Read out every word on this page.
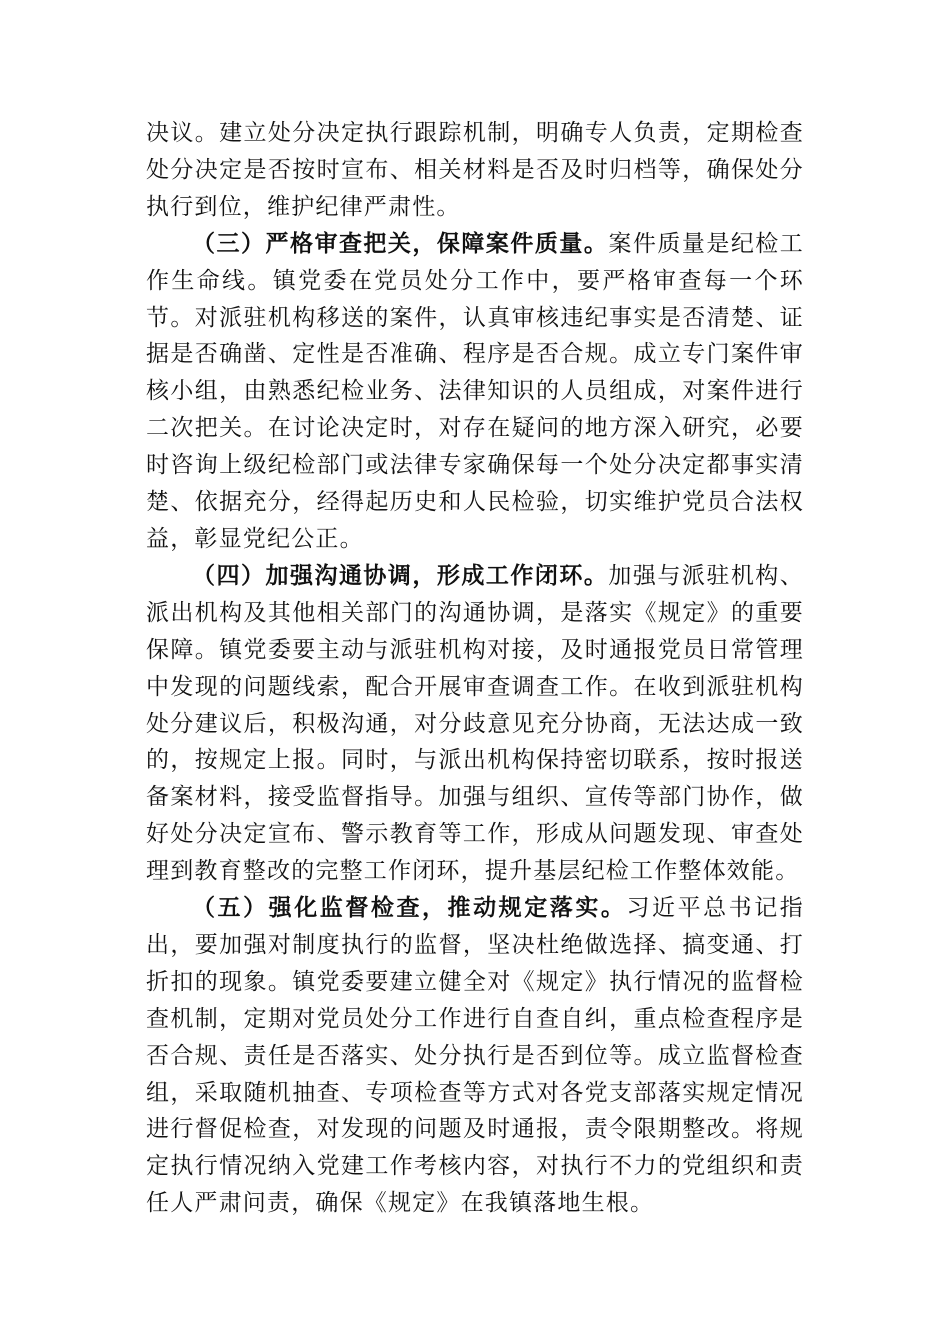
决议。建立处分决定执行跟踪机制，明确专人负责，定期检查处分决定是否按时宣布、相关材料是否及时归档等，确保处分执行到位，维护纪律严肃性。

（三）严格审查把关，保障案件质量。案件质量是纪检工作生命线。镇党委在党员处分工作中，要严格审查每一个环节。对派驻机构移送的案件，认真审核违纪事实是否清楚、证据是否确凿、定性是否准确、程序是否合规。成立专门案件审核小组，由熟悉纪检业务、法律知识的人员组成，对案件进行二次把关。在讨论决定时，对存在疑问的地方深入研究，必要时咨询上级纪检部门或法律专家确保每一个处分决定都事实清楚、依据充分，经得起历史和人民检验，切实维护党员合法权益，彰显党纪公正。

（四）加强沟通协调，形成工作闭环。加强与派驻机构、派出机构及其他相关部门的沟通协调，是落实《规定》的重要保障。镇党委要主动与派驻机构对接，及时通报党员日常管理中发现的问题线索，配合开展审查调查工作。在收到派驻机构处分建议后，积极沟通，对分歧意见充分协商，无法达成一致的，按规定上报。同时，与派出机构保持密切联系，按时报送备案材料，接受监督指导。加强与组织、宣传等部门协作，做好处分决定宣布、警示教育等工作，形成从问题发现、审查处理到教育整改的完整工作闭环，提升基层纪检工作整体效能。

（五）强化监督检查，推动规定落实。习近平总书记指出，要加强对制度执行的监督，坚决杜绝做选择、搞变通、打折扣的现象。镇党委要建立健全对《规定》执行情况的监督检查机制，定期对党员处分工作进行自查自纠，重点检查程序是否合规、责任是否落实、处分执行是否到位等。成立监督检查组，采取随机抽查、专项检查等方式对各党支部落实规定情况进行督促检查，对发现的问题及时通报，责令限期整改。将规定执行情况纳入党建工作考核内容，对执行不力的党组织和责任人严肃问责，确保《规定》在我镇落地生根。
